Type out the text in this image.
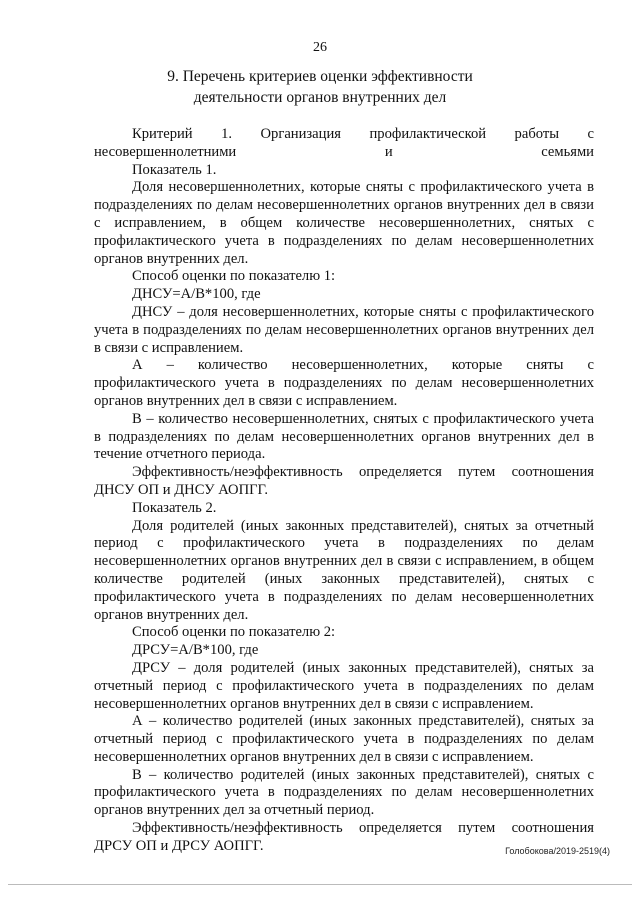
26
9. Перечень критериев оценки эффективности
деятельности органов внутренних дел

Критерий 1. Организация профилактической работы с несовершеннолетними и семьями

Показатель 1.

Доля несовершеннолетних, которые сняты с профилактического учета в подразделениях по делам несовершеннолетних органов внутренних дел в связи с исправлением, в общем количестве несовершеннолетних, снятых с профилактического учета в подразделениях по делам несовершеннолетних органов внутренних дел.

Способ оценки по показателю 1:

ДНСУ=А/В*100, где

ДНСУ – доля несовершеннолетних, которые сняты с профилактического учета в подразделениях по делам несовершеннолетних органов внутренних дел в связи с исправлением.

А – количество несовершеннолетних, которые сняты с профилактического учета в подразделениях по делам несовершеннолетних органов внутренних дел в связи с исправлением.

В – количество несовершеннолетних, снятых с профилактического учета в подразделениях по делам несовершеннолетних органов внутренних дел в течение отчетного периода.

Эффективность/неэффективность определяется путем соотношения ДНСУ ОП и ДНСУ АОПГГ.

Показатель 2.

Доля родителей (иных законных представителей), снятых за отчетный период с профилактического учета в подразделениях по делам несовершеннолетних органов внутренних дел в связи с исправлением, в общем количестве родителей (иных законных представителей), снятых с профилактического учета в подразделениях по делам несовершеннолетних органов внутренних дел.

Способ оценки по показателю 2:

ДРСУ=А/В*100, где

ДРСУ – доля родителей (иных законных представителей), снятых за отчетный период с профилактического учета в подразделениях по делам несовершеннолетних органов внутренних дел в связи с исправлением.

А – количество родителей (иных законных представителей), снятых за отчетный период с профилактического учета в подразделениях по делам несовершеннолетних органов внутренних дел в связи с исправлением.

В – количество родителей (иных законных представителей), снятых с профилактического учета в подразделениях по делам несовершеннолетних органов внутренних дел за отчетный период.

Эффективность/неэффективность определяется путем соотношения ДРСУ ОП и ДРСУ АОПГГ.	Голобокова/2019-2519(4)
